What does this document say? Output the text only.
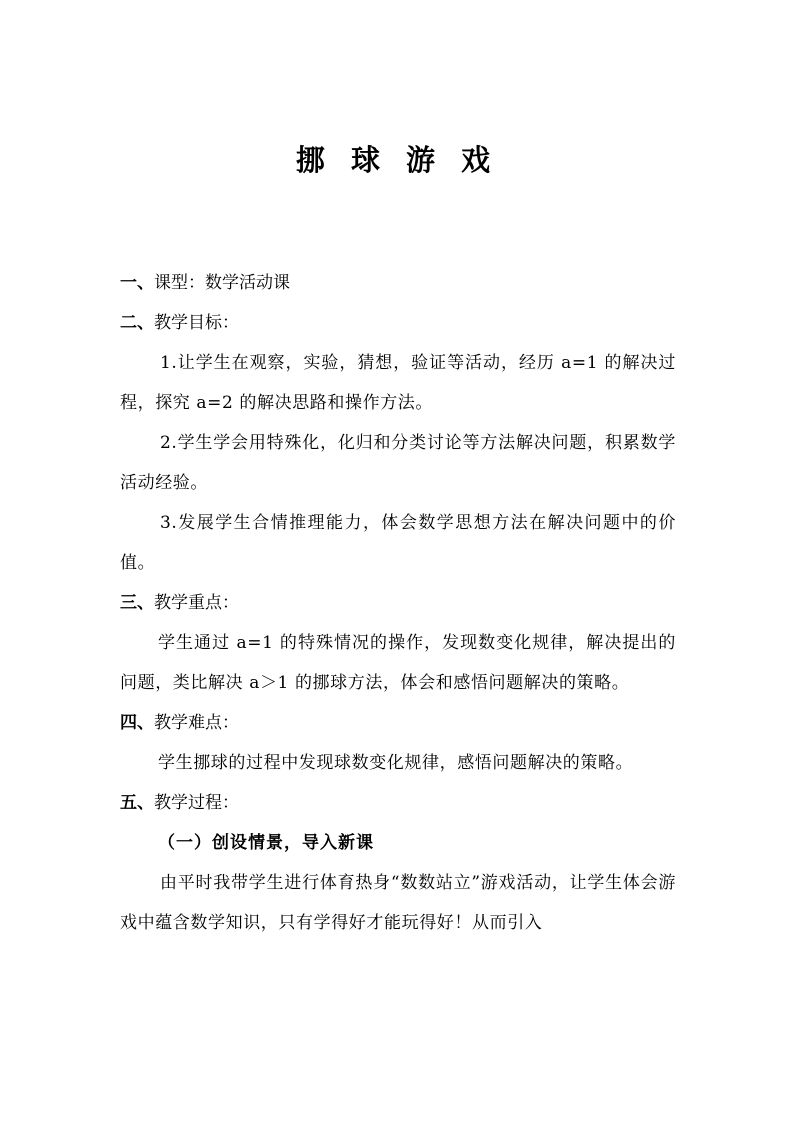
挪 球 游 戏

一、课型：数学活动课

二、教学目标：

1.让学生在观察，实验，猜想，验证等活动，经历 a=1 的解决过程，探究 a=2 的解决思路和操作方法。

2.学生学会用特殊化，化归和分类讨论等方法解决问题，积累数学活动经验。

3.发展学生合情推理能力，体会数学思想方法在解决问题中的价值。

三、教学重点：

学生通过 a=1 的特殊情况的操作，发现数变化规律，解决提出的问题，类比解决 a＞1 的挪球方法，体会和感悟问题解决的策略。

四、教学难点：

学生挪球的过程中发现球数变化规律，感悟问题解决的策略。

五、教学过程：

（一）创设情景，导入新课

由平时我带学生进行体育热身“数数站立”游戏活动，让学生体会游戏中蕴含数学知识，只有学得好才能玩得好！从而引入
